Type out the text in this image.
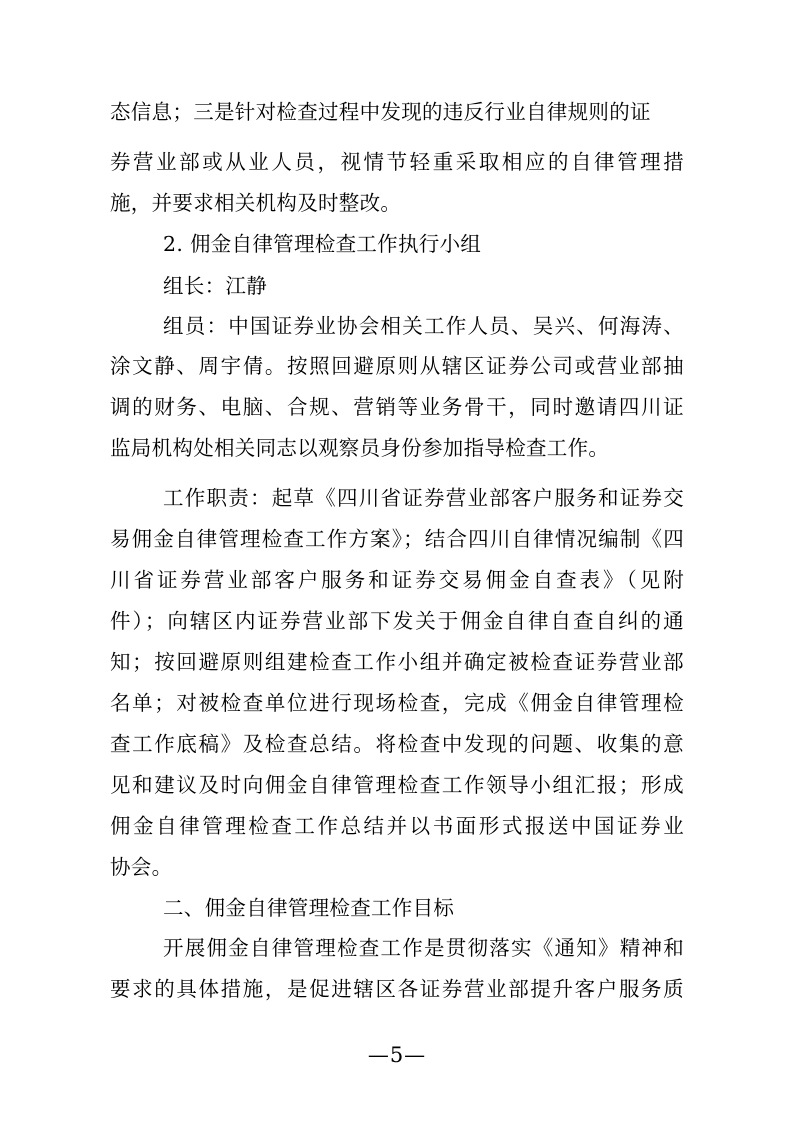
态信息；三是针对检查过程中发现的违反行业自律规则的证
券营业部或从业人员，视情节轻重采取相应的自律管理措
施，并要求相关机构及时整改。
2. 佣金自律管理检查工作执行小组
组长：江静
组员：中国证券业协会相关工作人员、吴兴、何海涛、
涂文静、周宇倩。按照回避原则从辖区证券公司或营业部抽
调的财务、电脑、合规、营销等业务骨干，同时邀请四川证
监局机构处相关同志以观察员身份参加指导检查工作。
工作职责：起草《四川省证券营业部客户服务和证券交
易佣金自律管理检查工作方案》；结合四川自律情况编制《四
川省证券营业部客户服务和证券交易佣金自查表》（见附
件）；向辖区内证券营业部下发关于佣金自律自查自纠的通
知；按回避原则组建检查工作小组并确定被检查证券营业部
名单；对被检查单位进行现场检查，完成《佣金自律管理检
查工作底稿》及检查总结。将检查中发现的问题、收集的意
见和建议及时向佣金自律管理检查工作领导小组汇报；形成
佣金自律管理检查工作总结并以书面形式报送中国证券业
协会。
二、佣金自律管理检查工作目标
开展佣金自律管理检查工作是贯彻落实《通知》精神和
要求的具体措施，是促进辖区各证券营业部提升客户服务质
—5—
